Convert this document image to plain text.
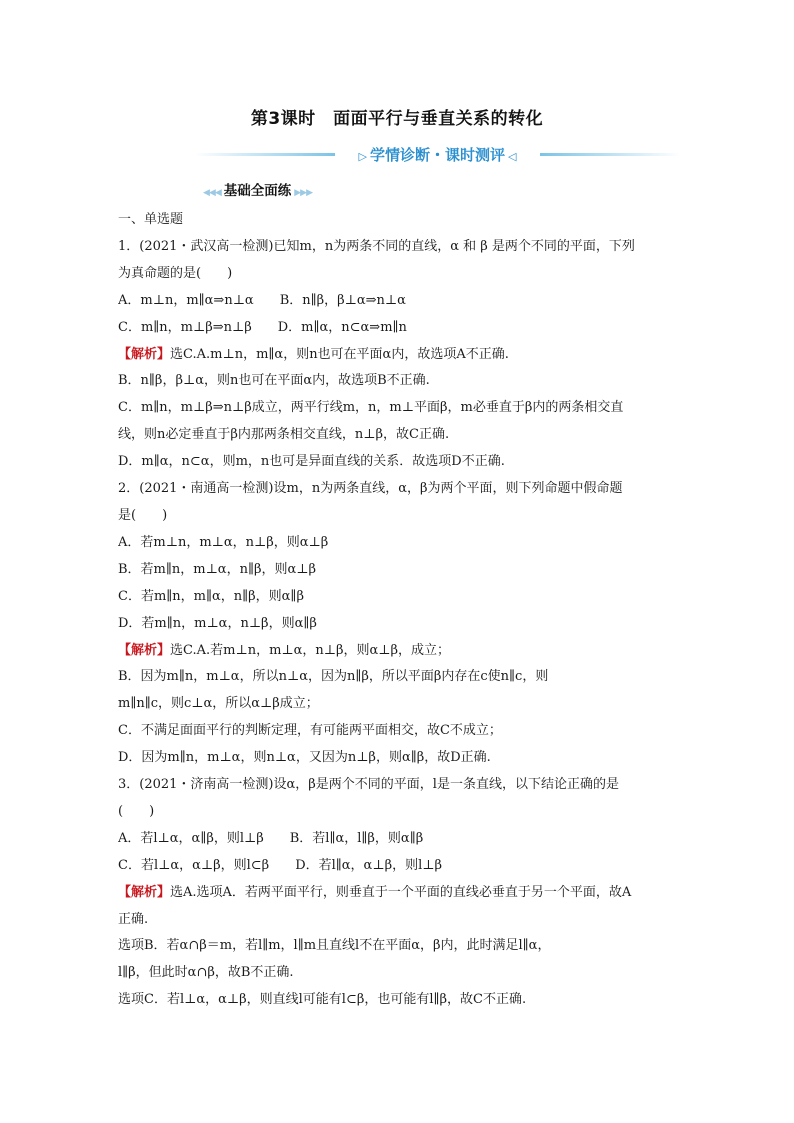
第3课时　面面平行与垂直关系的转化
▷ 学情诊断・课时测评 ◁
◀◀◀ 基础全面练 ▶▶▶
一、单选题
1．(2021・武汉高一检测)已知m，n为两条不同的直线，α 和 β 是两个不同的平面，下列
为真命题的是(　　)
A．m⊥n，m∥α⇒n⊥α　　B．n∥β，β⊥α⇒n⊥α
C．m∥n，m⊥β⇒n⊥β　　D．m∥α，n⊂α⇒m∥n
【解析】选C.A.m⊥n，m∥α，则n也可在平面α内，故选项A不正确.
B．n∥β，β⊥α，则n也可在平面α内，故选项B不正确.
C．m∥n，m⊥β⇒n⊥β成立，两平行线m，n，m⊥平面β，m必垂直于β内的两条相交直
线，则n必定垂直于β内那两条相交直线，n⊥β，故C正确.
D．m∥α，n⊂α，则m，n也可是异面直线的关系．故选项D不正确.
2．(2021・南通高一检测)设m，n为两条直线，α，β为两个平面，则下列命题中假命题
是(　　)
A．若m⊥n，m⊥α，n⊥β，则α⊥β
B．若m∥n，m⊥α，n∥β，则α⊥β
C．若m∥n，m∥α，n∥β，则α∥β
D．若m∥n，m⊥α，n⊥β，则α∥β
【解析】选C.A.若m⊥n，m⊥α，n⊥β，则α⊥β，成立；
B．因为m∥n，m⊥α，所以n⊥α，因为n∥β，所以平面β内存在c使n∥c，则
m∥n∥c，则c⊥α，所以α⊥β成立；
C．不满足面面平行的判断定理，有可能两平面相交，故C不成立；
D．因为m∥n，m⊥α，则n⊥α，又因为n⊥β，则α∥β，故D正确.
3．(2021・济南高一检测)设α，β是两个不同的平面，l是一条直线，以下结论正确的是
(　　)
A．若l⊥α，α∥β，则l⊥β　　B．若l∥α，l∥β，则α∥β
C．若l⊥α，α⊥β，则l⊂β　　D．若l∥α，α⊥β，则l⊥β
【解析】选A.选项A．若两平面平行，则垂直于一个平面的直线必垂直于另一个平面，故A
正确.
选项B．若α∩β＝m，若l∥m，l∥m且直线l不在平面α，β内，此时满足l∥α，
l∥β，但此时α∩β，故B不正确.
选项C．若l⊥α，α⊥β，则直线l可能有l⊂β，也可能有l∥β，故C不正确.
